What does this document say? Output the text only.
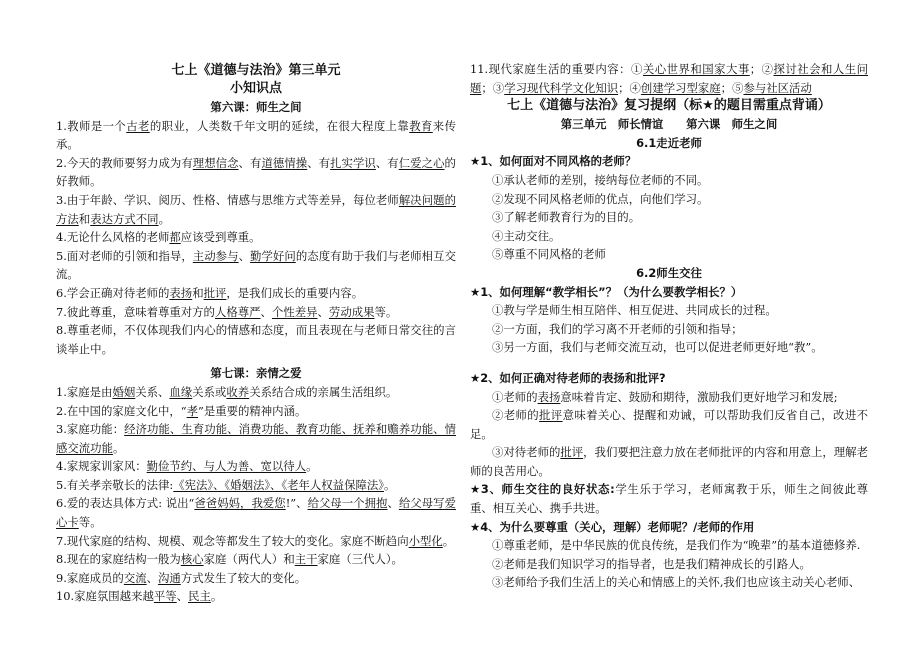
七上《道德与法治》第三单元

小知识点

第六课：师生之间

1.教师是一个古老的职业，人类数千年文明的延续，在很大程度上靠教育来传承。

2.今天的教师要努力成为有理想信念、有道德情操、有扎实学识、有仁爱之心的好教师。

3.由于年龄、学识、阅历、性格、情感与思维方式等差异，每位老师解决问题的方法和表达方式不同。

4.无论什么风格的老师都应该受到尊重。

5.面对老师的引领和指导，主动参与、勤学好问的态度有助于我们与老师相互交流。

6.学会正确对待老师的表扬和批评，是我们成长的重要内容。

7.彼此尊重，意味着尊重对方的人格尊严、个性差异、劳动成果等。

8.尊重老师，不仅体现我们内心的情感和态度，而且表现在与老师日常交往的言谈举止中。

第七课：亲情之爱

1.家庭是由婚姻关系、血缘关系或收养关系结合成的亲属生活组织。

2.在中国的家庭文化中，“孝”是重要的精神内涵。

3.家庭功能：经济功能、生育功能、消费功能、教育功能、抚养和赡养功能、情感交流功能。

4.家规家训家风：勤俭节约、与人为善、宽以待人。

5.有关孝亲敬长的法律:《宪法》、《婚姻法》、《老年人权益保障法》。

6.爱的表达具体方式: 说出“爸爸妈妈，我爱您!”、给父母一个拥抱、给父母写爱心卡等。

7.现代家庭的结构、规模、观念等都发生了较大的变化。家庭不断趋向小型化。

8.现在的家庭结构一般为核心家庭（两代人）和主干家庭（三代人）。

9.家庭成员的交流、沟通方式发生了较大的变化。

10.家庭氛围越来越平等、民主。

11.现代家庭生活的重要内容：①关心世界和国家大事；②探讨社会和人生问题；③学习现代科学文化知识；④创建学习型家庭；⑤参与社区活动

七上《道德与法治》复习提纲（标★的题目需重点背诵）

第三单元　师长情谊　　第六课　师生之间

6.1走近老师

★1、如何面对不同风格的老师？

①承认老师的差别，接纳每位老师的不同。

②发现不同风格老师的优点，向他们学习。

③了解老师教育行为的目的。

④主动交往。

⑤尊重不同风格的老师

6.2师生交往

★1、如何理解“教学相长”？（为什么要教学相长？）

①教与学是师生相互陪伴、相互促进、共同成长的过程。

②一方面，我们的学习离不开老师的引领和指导；

③另一方面，我们与老师交流互动，也可以促进老师更好地“教”。

★2、如何正确对待老师的表扬和批评?

①老师的表扬意味着肯定、鼓励和期待，激励我们更好地学习和发展;

②老师的批评意味着关心、提醒和劝诫，可以帮助我们反省自己，改进不足。

③对待老师的批评，我们要把注意力放在老师批评的内容和用意上，理解老师的良苦用心。

★3、师生交往的良好状态:学生乐于学习，老师寓教于乐，师生之间彼此尊重、相互关心、携手共进。

★4、为什么要尊重（关心，理解）老师呢？/老师的作用

①尊重老师，是中华民族的优良传统，是我们作为“晚辈”的基本道德修养.

②老师是我们知识学习的指导者，也是我们精神成长的引路人。

③老师给予我们生活上的关心和情感上的关怀,我们也应该主动关心老师、
